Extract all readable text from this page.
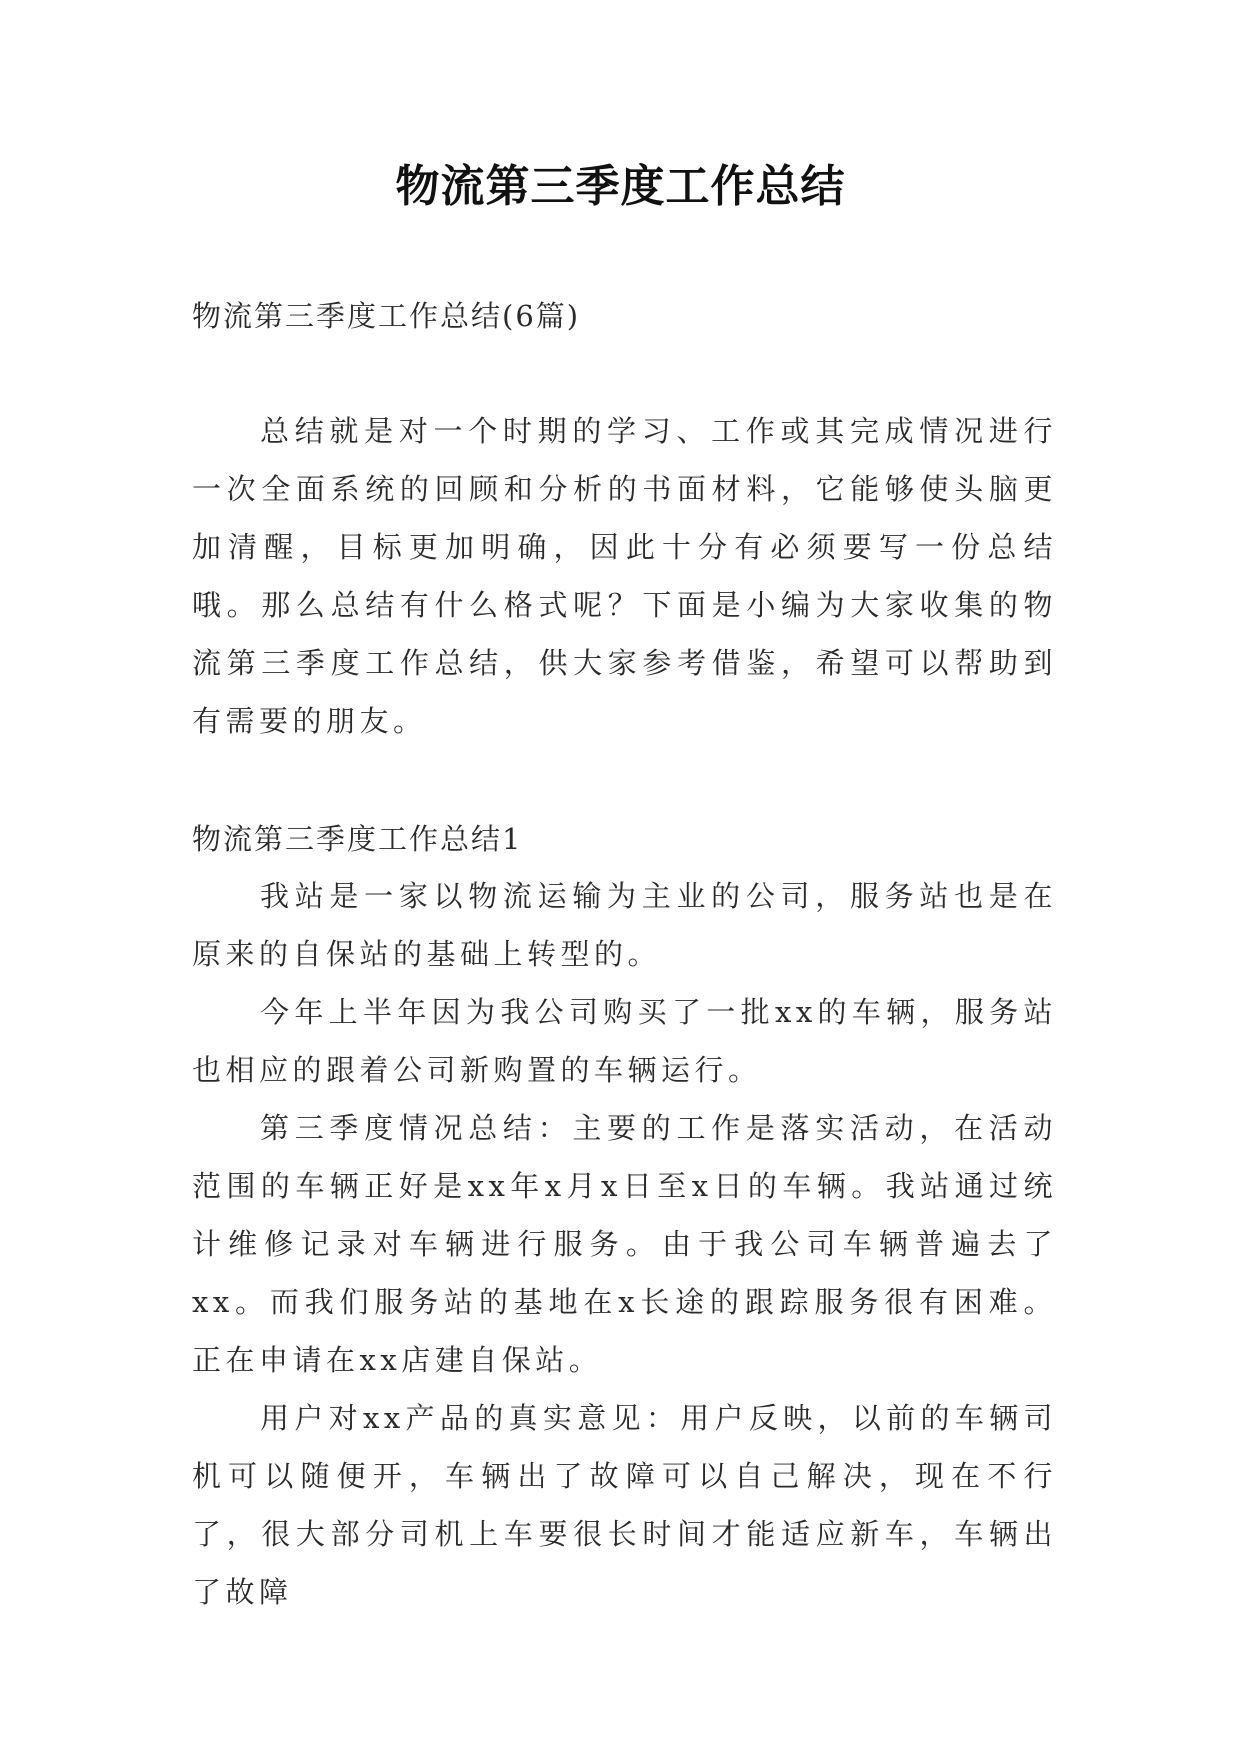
物流第三季度工作总结

物流第三季度工作总结(6篇)

总结就是对一个时期的学习、工作或其完成情况进行一次全面系统的回顾和分析的书面材料，它能够使头脑更加清醒，目标更加明确，因此十分有必须要写一份总结哦。那么总结有什么格式呢？下面是小编为大家收集的物流第三季度工作总结，供大家参考借鉴，希望可以帮助到有需要的朋友。

物流第三季度工作总结1

我站是一家以物流运输为主业的公司，服务站也是在原来的自保站的基础上转型的。

今年上半年因为我公司购买了一批xx的车辆，服务站也相应的跟着公司新购置的车辆运行。

第三季度情况总结：主要的工作是落实活动，在活动范围的车辆正好是xx年x月x日至x日的车辆。我站通过统计维修记录对车辆进行服务。由于我公司车辆普遍去了xx。而我们服务站的基地在x长途的跟踪服务很有困难。正在申请在xx店建自保站。

用户对xx产品的真实意见：用户反映，以前的车辆司机可以随便开，车辆出了故障可以自己解决，现在不行了，很大部分司机上车要很长时间才能适应新车，车辆出了故障
